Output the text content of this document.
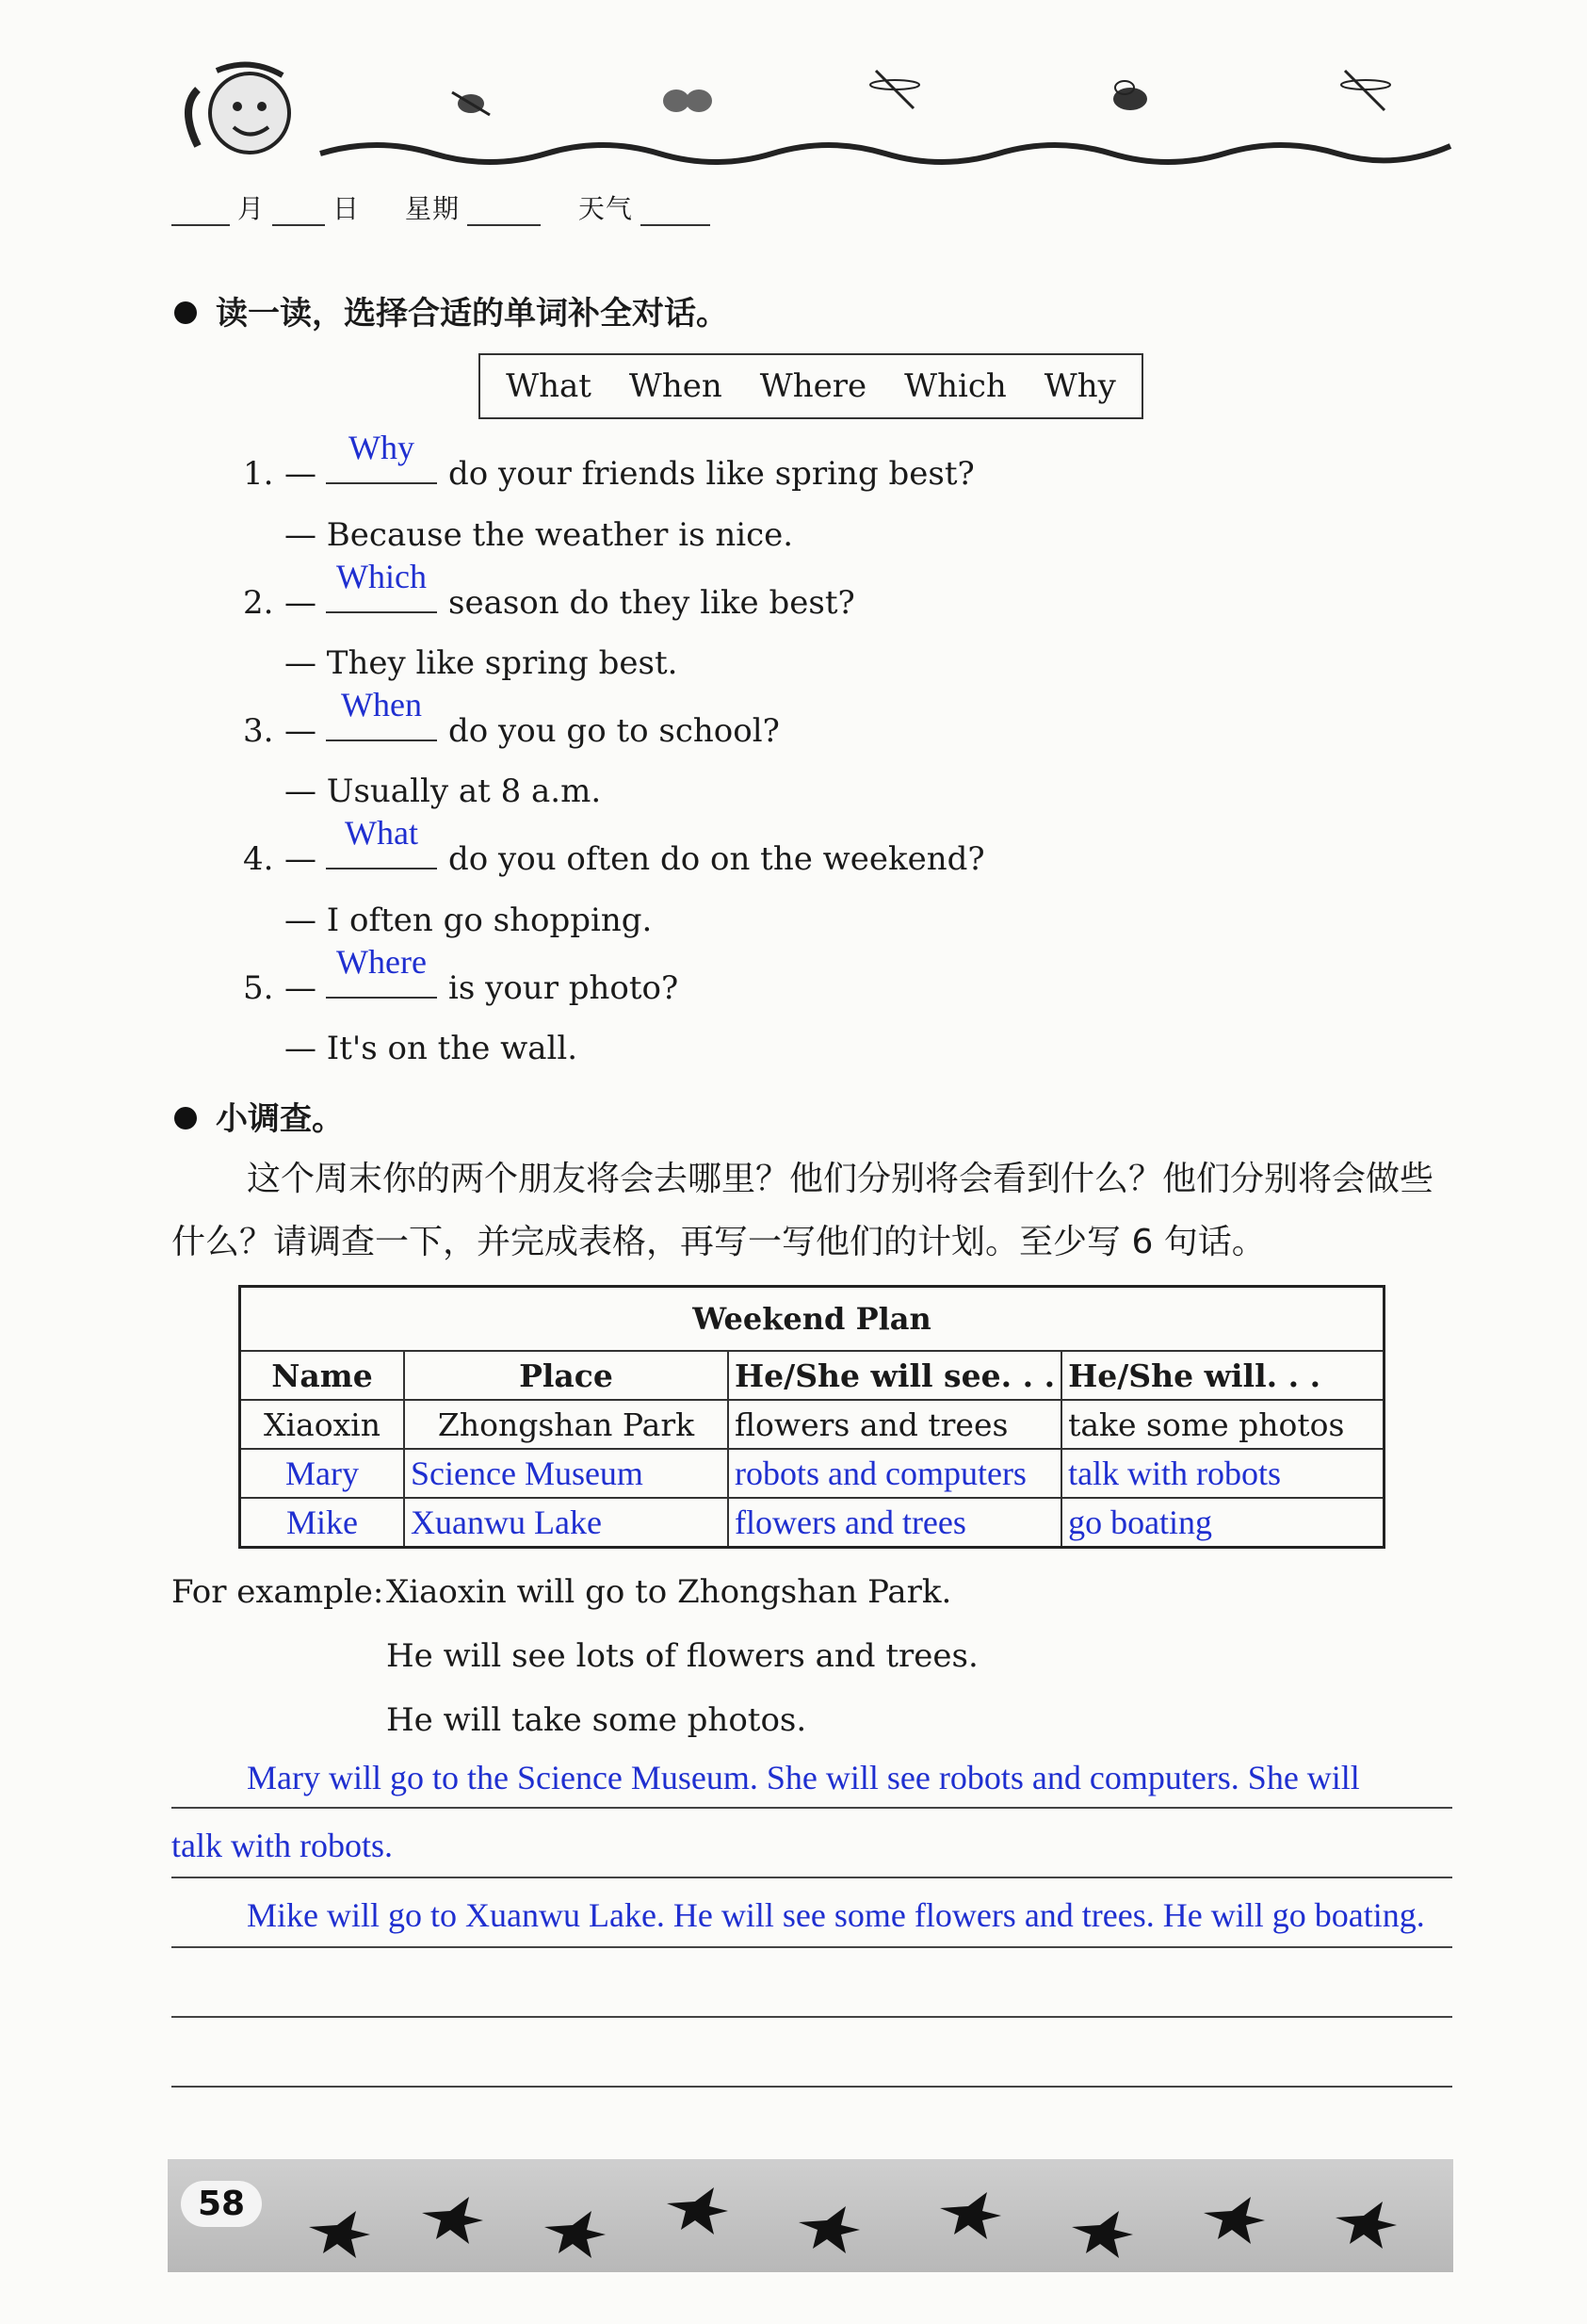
月	日 星期	天气
读一读，选择合适的单词补全对话。
What When Where Which Why
1. —
Why
do your friends like spring best?
— Because the weather is nice.
2. —
Which
season do they like best?
— They like spring best.
3. —
When
do you go to school?
— Usually at 8 a.m.
4. —
What
do you often do on the weekend?
— I often go shopping.
5. —
Where
is your photo?
— It's on the wall.
小调查。
这个周末你的两个朋友将会去哪里？他们分别将会看到什么？他们分别将会做些什么？请调查一下，并完成表格，再写一写他们的计划。至少写 6 句话。
Weekend Plan			
Name	Place	He/She will see. . .	He/She will. . .
Xiaoxin	Zhongshan Park	flowers and trees	take some photos
Mary	Science Museum	robots and computers	talk with robots
Mike	Xuanwu Lake	flowers and trees	go boating
For example: Xiaoxin will go to Zhongshan Park.
He will see lots of flowers and trees.
He will take some photos.
Mary will go to the Science Museum. She will see robots and computers. She will
talk with robots.
Mike will go to Xuanwu Lake. He will see some flowers and trees. He will go boating.
58
